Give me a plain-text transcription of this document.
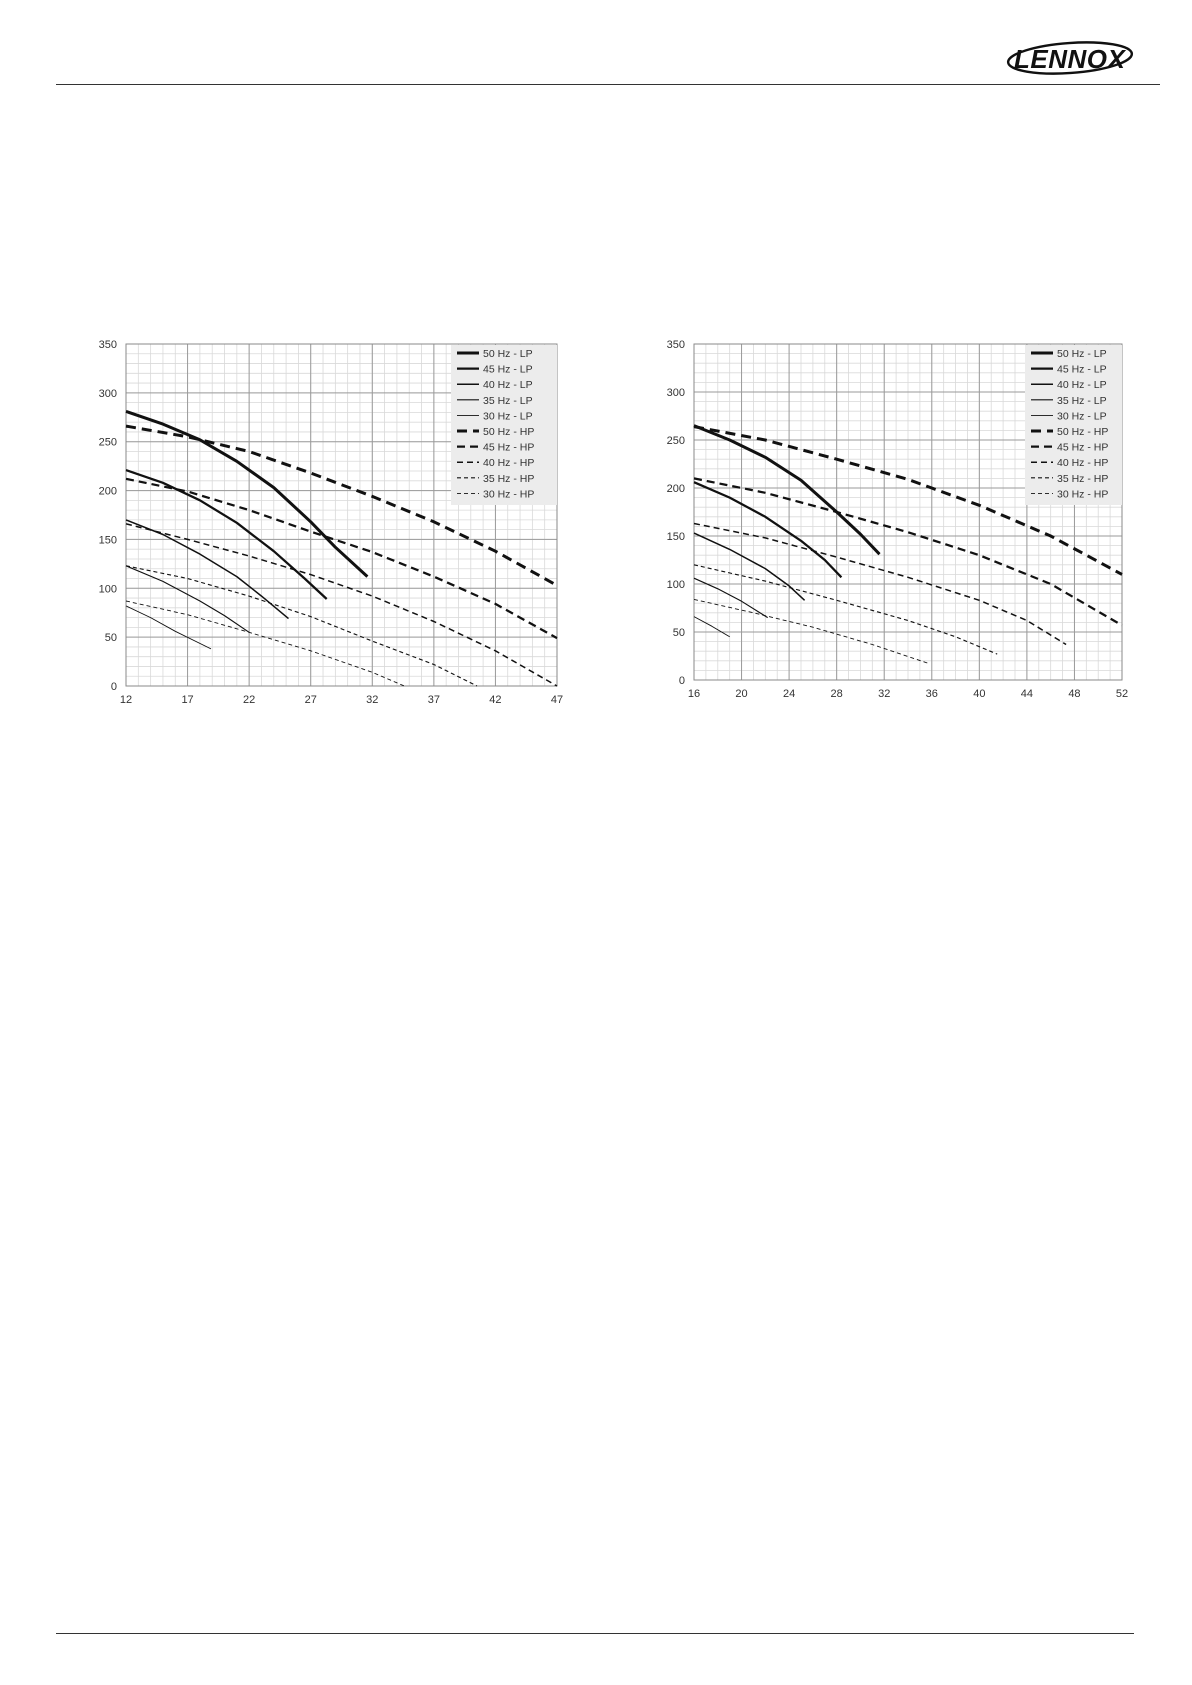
LENNOX
12	17	22	27	32	37	42	47
0
50
100
150
200
250
300
350
50 Hz - LP
45 Hz - LP
40 Hz - LP
35 Hz - LP
30 Hz - LP
50 Hz - HP
45 Hz - HP
40 Hz - HP
35 Hz - HP
30 Hz - HP
16	20	24	28	32	36	40	44	48	52
0
50
100
150
200
250
300
350
50 Hz - LP
45 Hz - LP
40 Hz - LP
35 Hz - LP
30 Hz - LP
50 Hz - HP
45 Hz - HP
40 Hz - HP
35 Hz - HP
30 Hz - HP
